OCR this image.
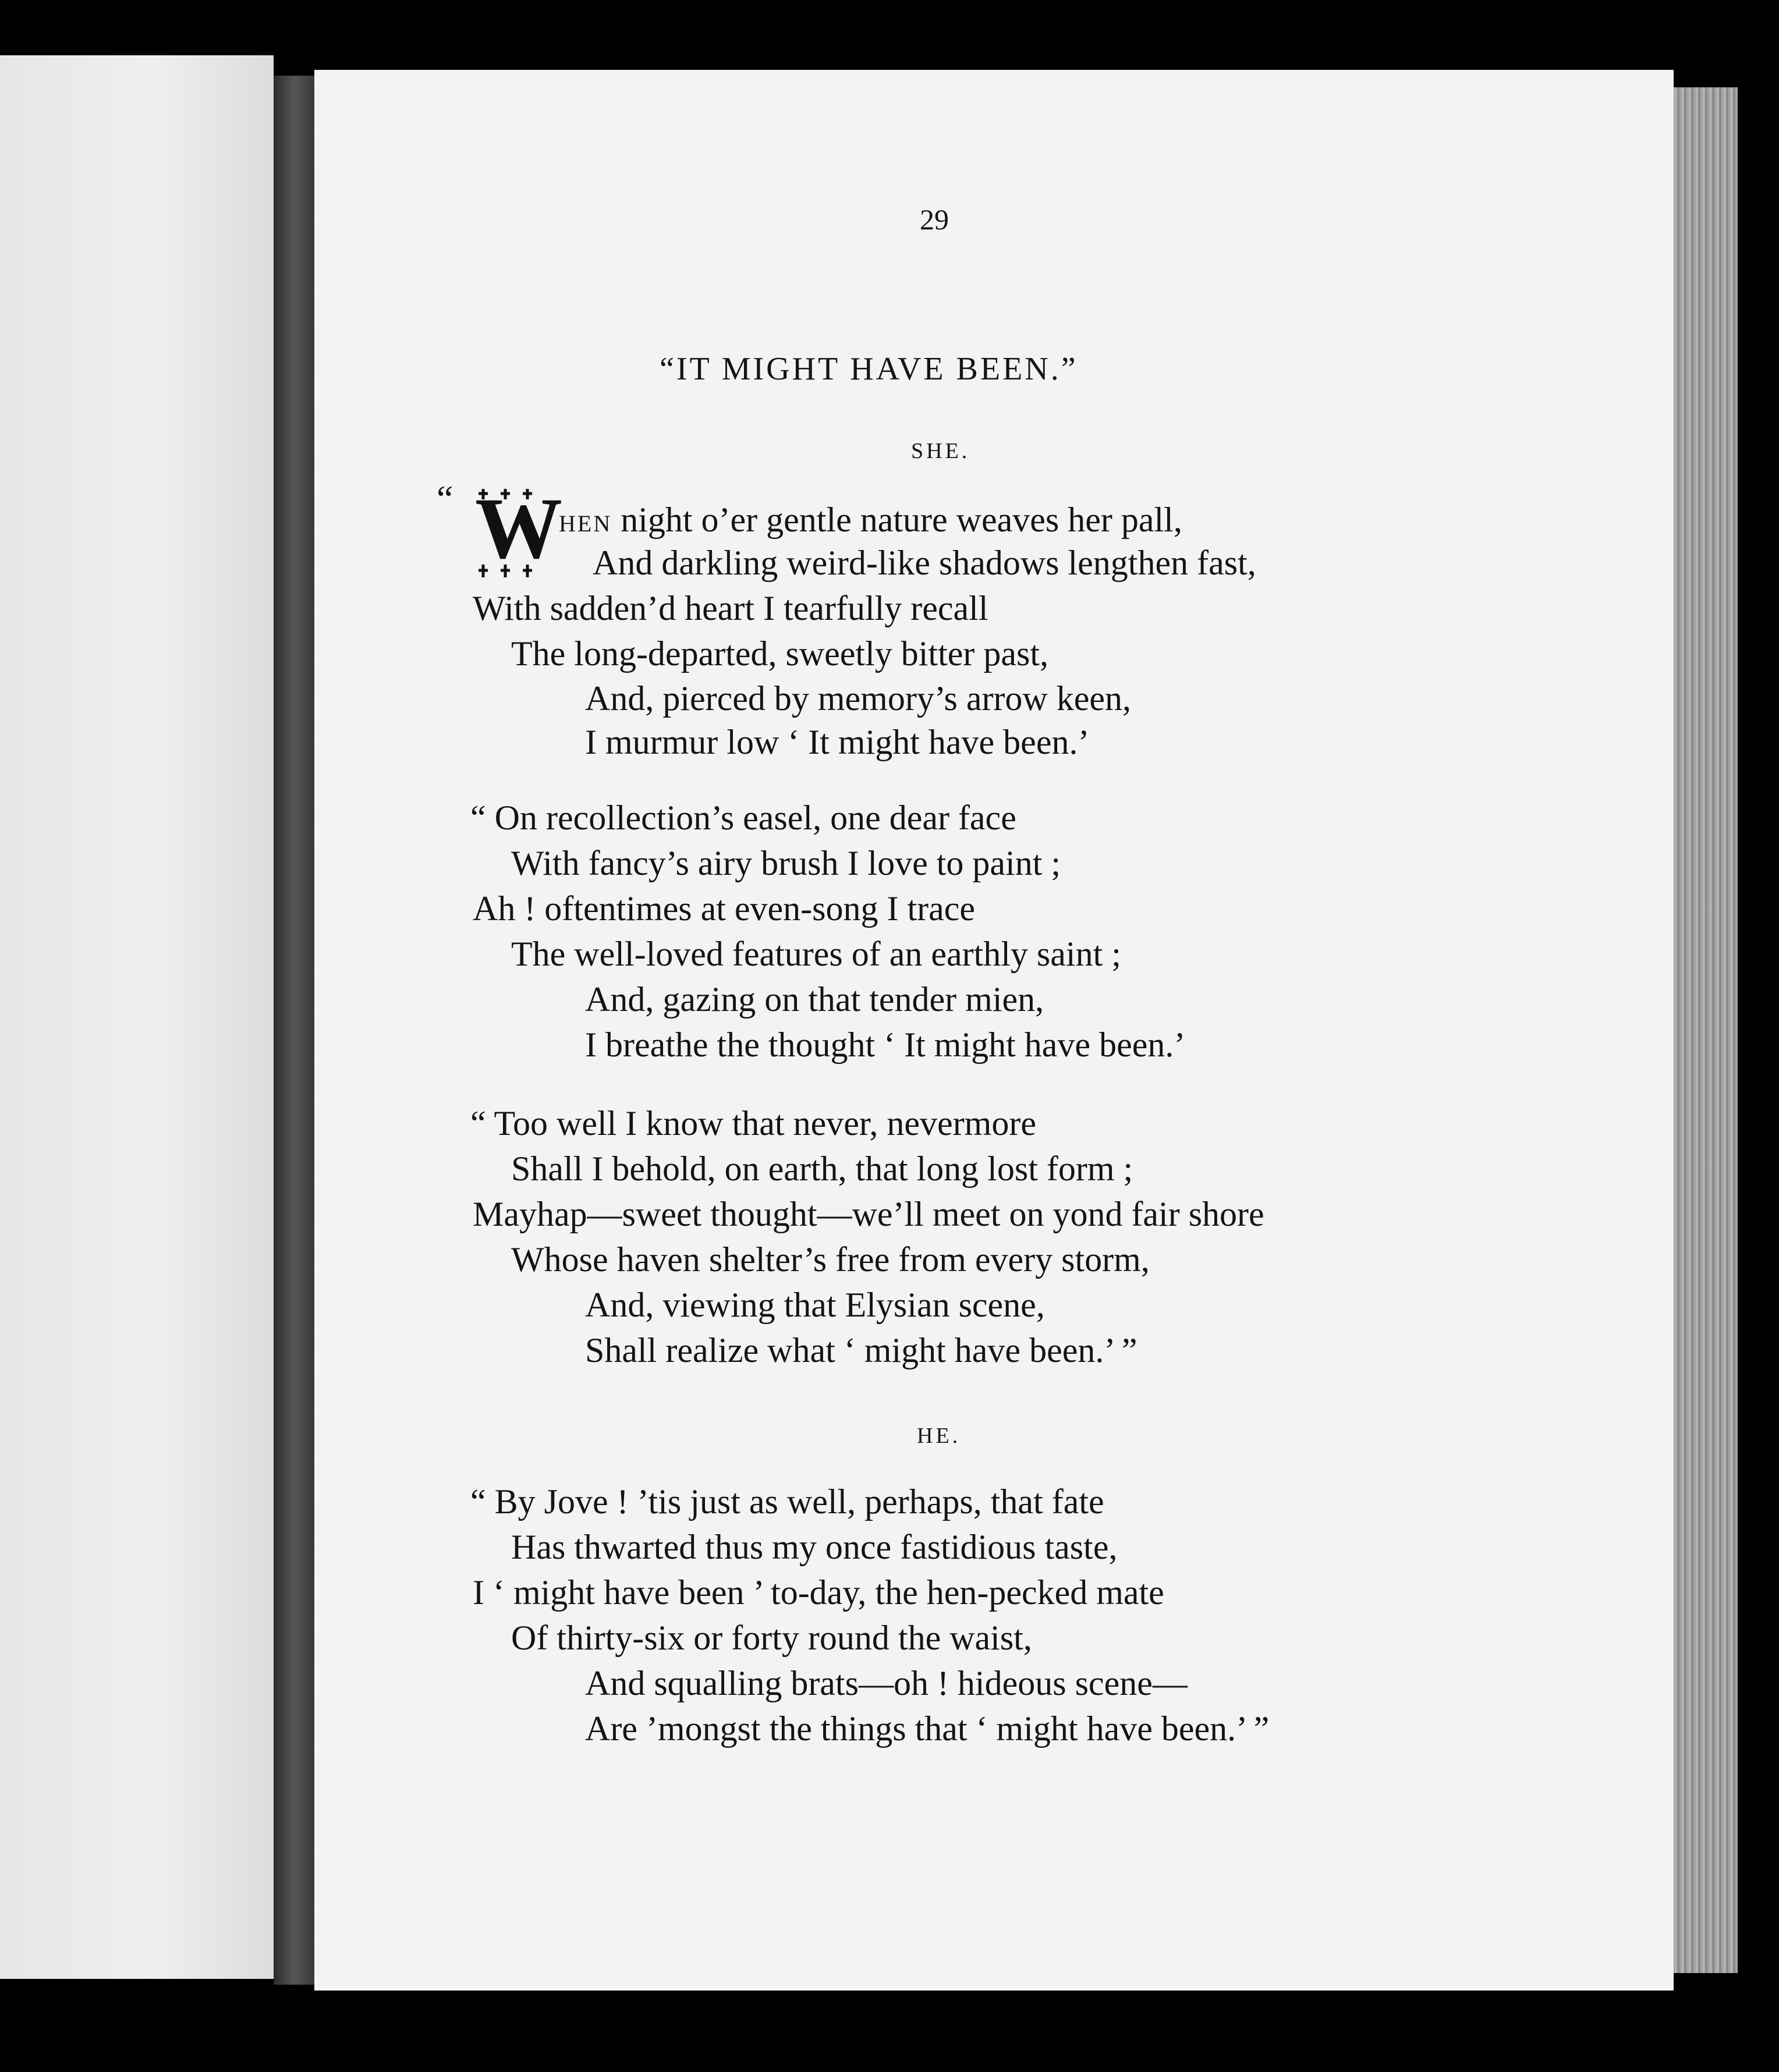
29
“IT MIGHT HAVE BEEN.”
SHE.
“ W
HEN night o’er gentle nature weaves her pall,
And darkling weird-like shadows lengthen fast,
With sadden’d heart I tearfully recall
The long-departed, sweetly bitter past,
And, pierced by memory’s arrow keen,
I murmur low ‘ It might have been.’
“ On recollection’s easel, one dear face
With fancy’s airy brush I love to paint ;
Ah ! oftentimes at even-song I trace
The well-loved features of an earthly saint ;
And, gazing on that tender mien,
I breathe the thought ‘ It might have been.’
“ Too well I know that never, nevermore
Shall I behold, on earth, that long lost form ;
Mayhap—sweet thought—we’ll meet on yond fair shore
Whose haven shelter’s free from every storm,
And, viewing that Elysian scene,
Shall realize what ‘ might have been.’ ”
HE.
“ By Jove ! ’tis just as well, perhaps, that fate
Has thwarted thus my once fastidious taste,
I ‘ might have been ’ to-day, the hen-pecked mate
Of thirty-six or forty round the waist,
And squalling brats—oh ! hideous scene—
Are ’mongst the things that ‘ might have been.’ ”
